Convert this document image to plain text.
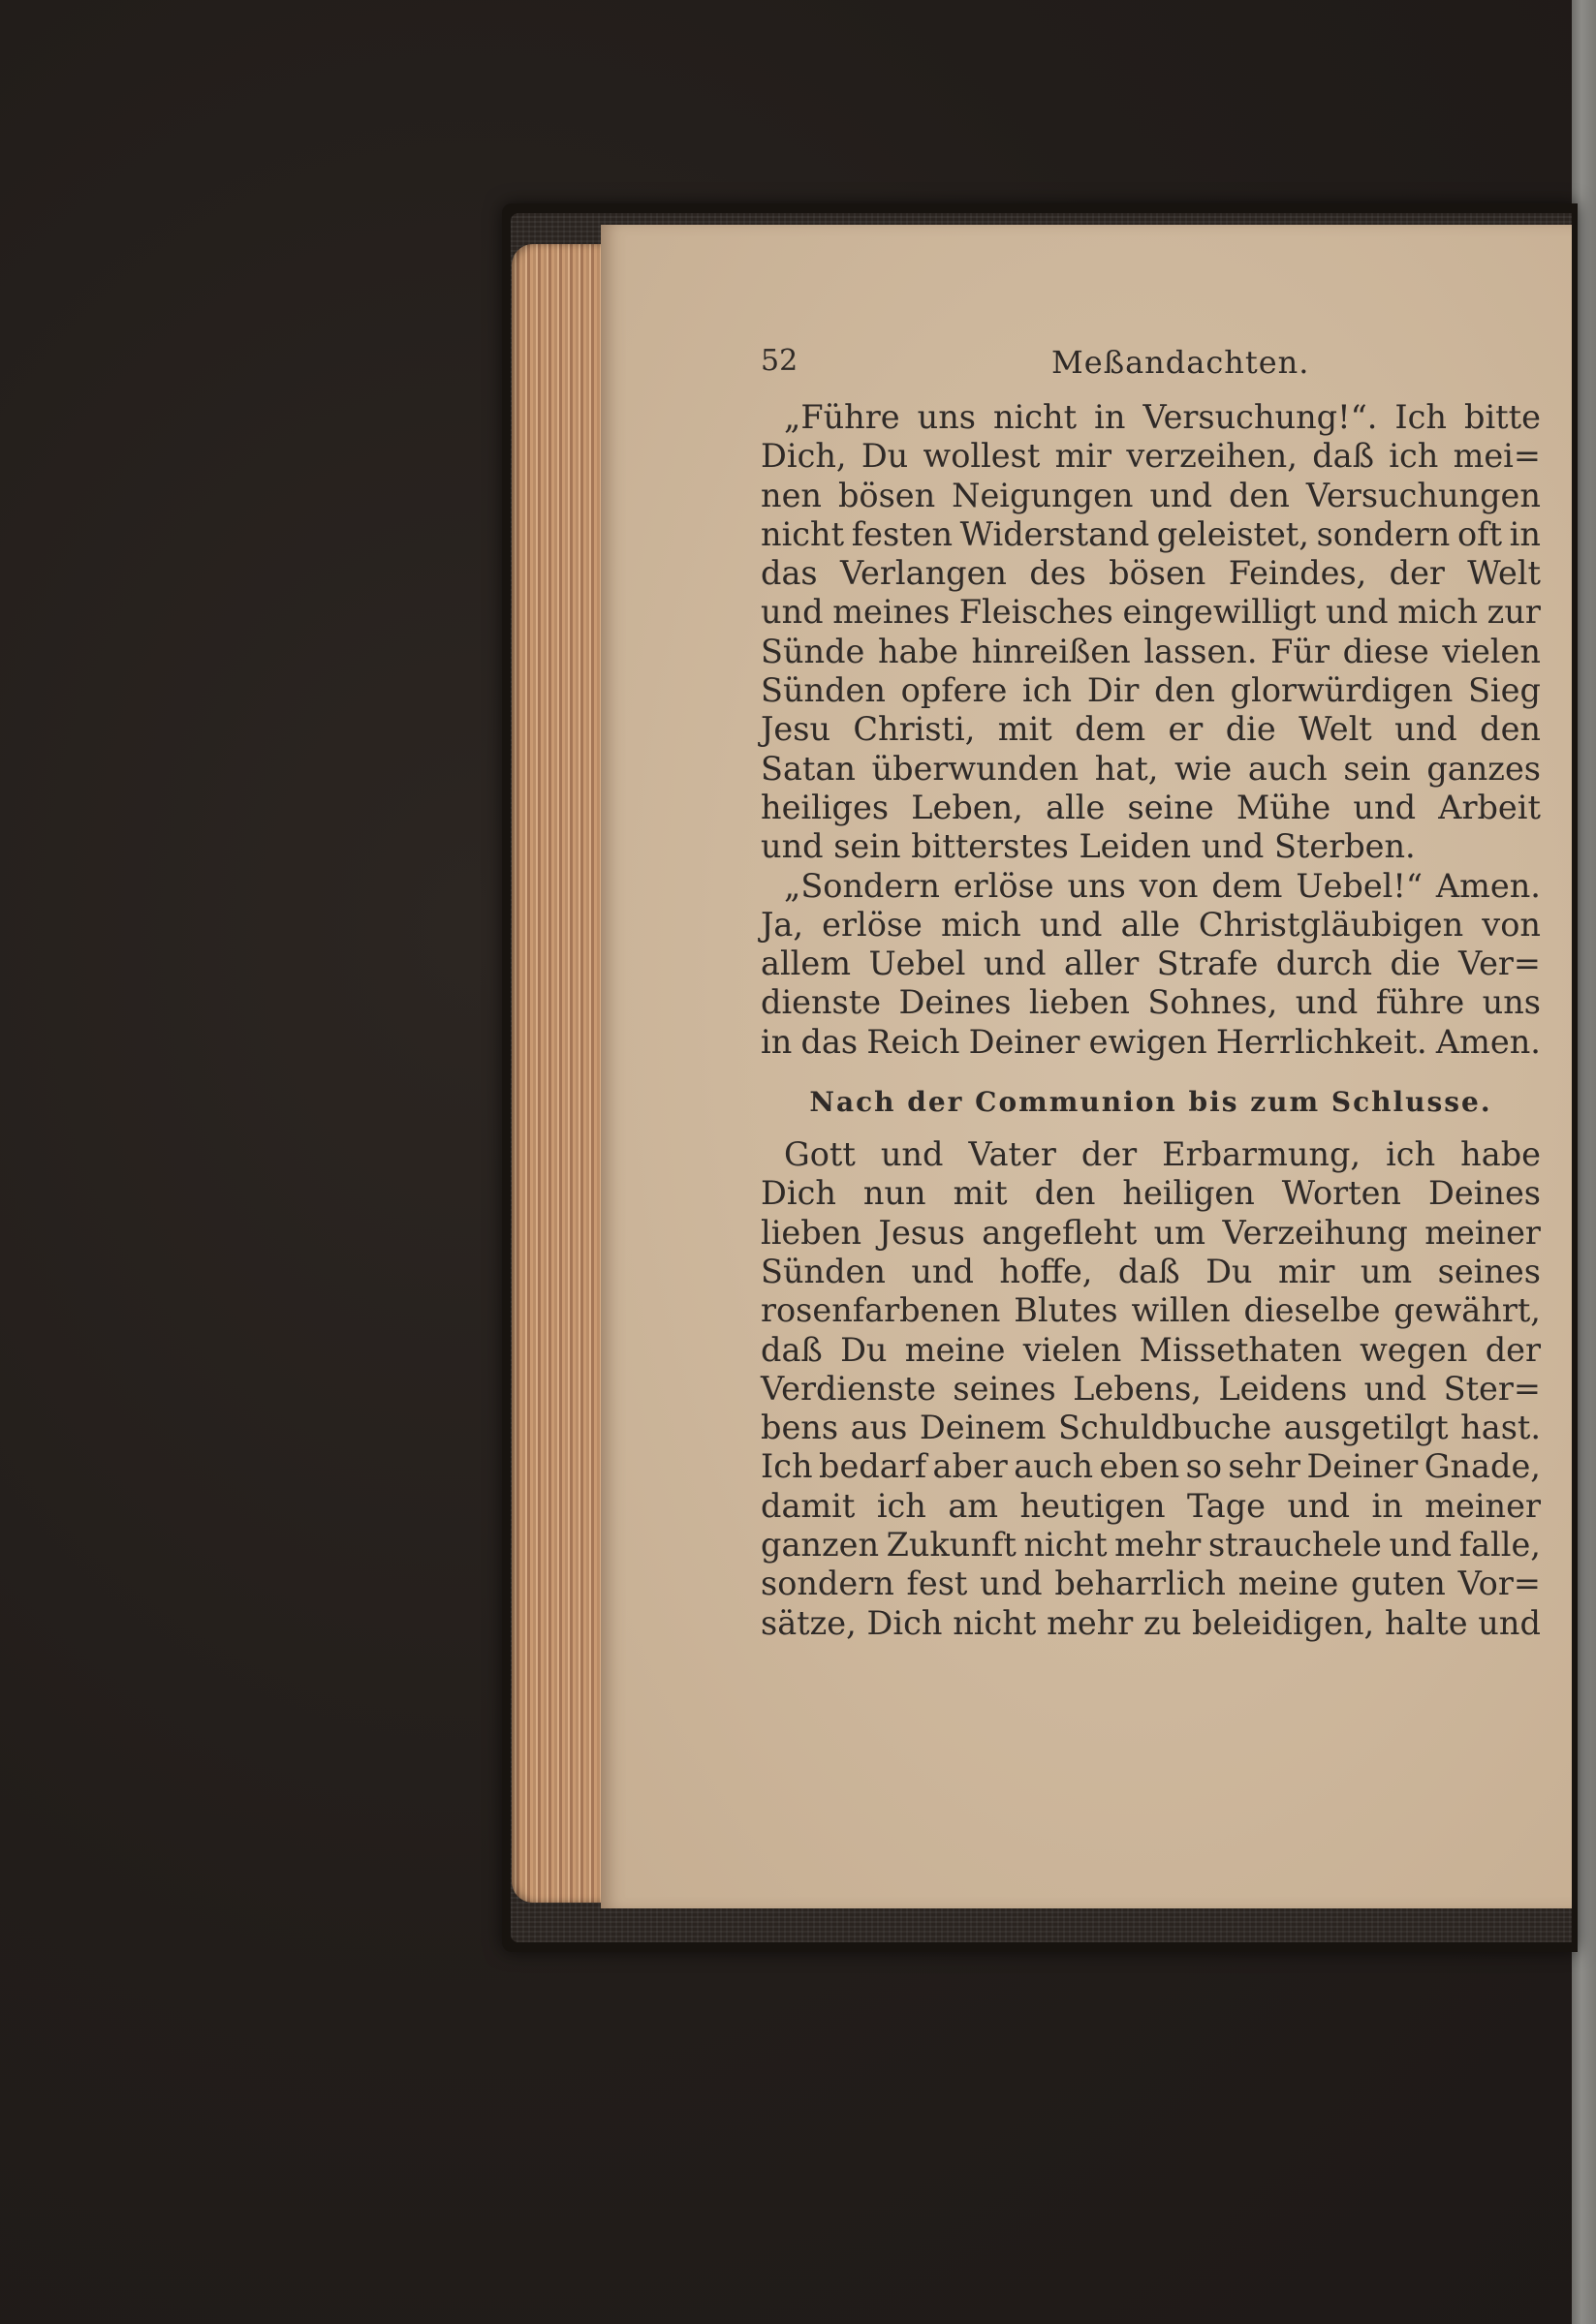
52	Meßandachten.
„Führe uns nicht in Versuchung!“. Ich bitte
Dich, Du wollest mir verzeihen, daß ich mei=
nen bösen Neigungen und den Versuchungen
nicht festen Widerstand geleistet, sondern oft in
das Verlangen des bösen Feindes, der Welt
und meines Fleisches eingewilligt und mich zur
Sünde habe hinreißen lassen. Für diese vielen
Sünden opfere ich Dir den glorwürdigen Sieg
Jesu Christi, mit dem er die Welt und den
Satan überwunden hat, wie auch sein ganzes
heiliges Leben, alle seine Mühe und Arbeit
und sein bitterstes Leiden und Sterben.
„Sondern erlöse uns von dem Uebel!“ Amen.
Ja, erlöse mich und alle Christgläubigen von
allem Uebel und aller Strafe durch die Ver=
dienste Deines lieben Sohnes, und führe uns
in das Reich Deiner ewigen Herrlichkeit. Amen.
Nach der Communion bis zum Schlusse.
Gott und Vater der Erbarmung, ich habe
Dich nun mit den heiligen Worten Deines
lieben Jesus angefleht um Verzeihung meiner
Sünden und hoffe, daß Du mir um seines
rosenfarbenen Blutes willen dieselbe gewährt,
daß Du meine vielen Missethaten wegen der
Verdienste seines Lebens, Leidens und Ster=
bens aus Deinem Schuldbuche ausgetilgt hast.
Ich bedarf aber auch eben so sehr Deiner Gnade,
damit ich am heutigen Tage und in meiner
ganzen Zukunft nicht mehr strauchele und falle,
sondern fest und beharrlich meine guten Vor=
sätze, Dich nicht mehr zu beleidigen, halte und
